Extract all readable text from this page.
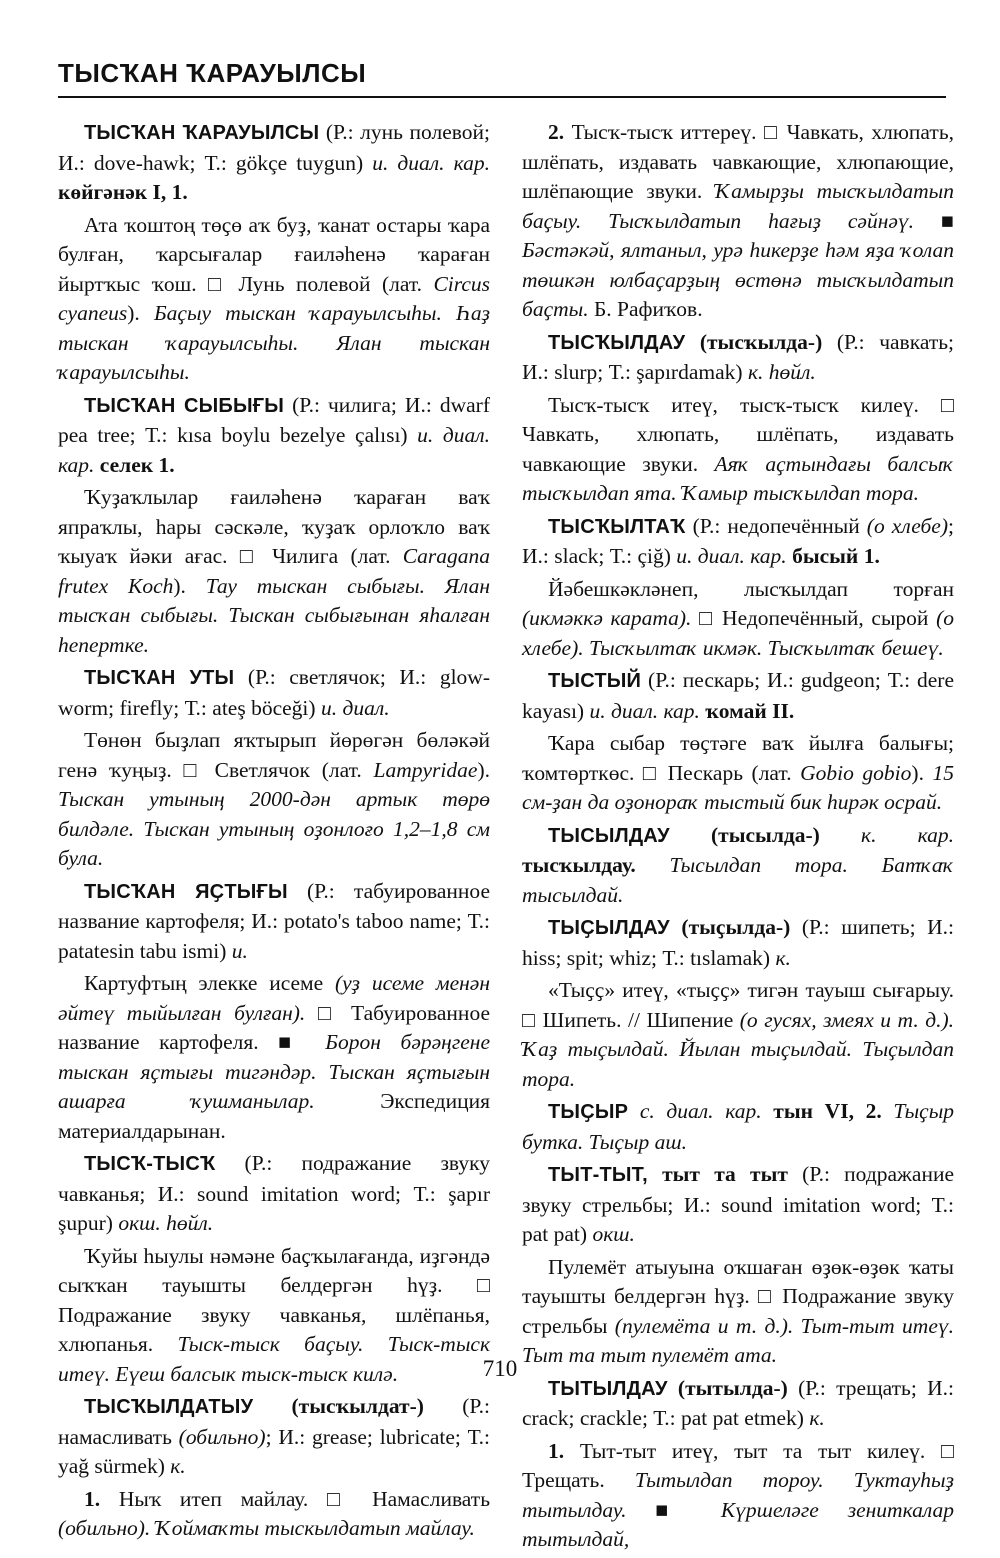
ТЫСҠАН ҠАРАУЫЛСЫ

ТЫСҠАН ҠАРАУЫЛСЫ (Р.: лунь полевой; И.: dove-hawk; Т.: gökçe tuygun) и. диал. кар. көйгәнәк I, 1.

Ата ҡоштоң төҫө аҡ буҙ, ҡанат остары ҡара булған, ҡарсығалар ғаиләһенә ҡараған йыртҡыс ҡош. □ Лунь полевой (лат. Circus cyaneus). Баҫыу тыскан ҡарауылсыһы. Һаҙ тыскан ҡарауылсыһы. Ялан тыскан ҡарауылсыһы.

ТЫСҠАН СЫБЫҒЫ (Р.: чилига; И.: dwarf pea tree; Т.: kısa boylu bezelye çalısı) и. диал. кар. селек 1.

Ҡуҙаҡлылар ғаиләһенә ҡараған ваҡ япраҡлы, һары сәскәле, ҡуҙаҡ орлоҡло ваҡ ҡыуаҡ йәки ағас. □ Чилига (лат. Caragana frutex Koch). Тау тыскан сыбығы. Ялан тысҡан сыбығы. Тыскан сыбығынан яһалған һепертке.

ТЫСҠАН УТЫ (Р.: светлячок; И.: glow-worm; firefly; Т.: ateş böceği) и. диал.

Төнөн быҙлап яҡтырып йөрөгән бөләкәй генә ҡуңыҙ. □ Светлячок (лат. Lampyridae). Тыскан утының 2000-дән артык төрө билдәле. Тыскан утының оҙонлоғо 1,2–1,8 см була.

ТЫСҠАН ЯҪТЫҒЫ (Р.: табуированное название картофеля; И.: potato's taboo name; Т.: patatesin tabu ismi) и.

Картуфтың элекке исеме (уҙ исеме менән әйтеү тыйылған булған). □ Табуированное название картофеля. ■ Борон бәрәңгене тыскан яҫтығы тигәндәр. Тыскан яҫтығын ашарға ҡушманылар. Экспедиция материалдарынан.

ТЫСҠ-ТЫСҠ (Р.: подражание звуку чавканья; И.: sound imitation word; Т.: şapır şupur) окш. һөйл.

Ҡуйы һыулы нәмәне баҫҡылағанда, иҙгәндә сыҡҡан тауышты белдергән һүҙ. □ Подражание звуку чавканья, шлёпанья, хлюпанья. Тыск-тыск баҫыу. Тыск-тыск итеү. Еүеш балсык тыск-тыск килә.

ТЫСҠЫЛДАТЫУ (тысҡылдат-) (Р.: намасливать (обильно); И.: grease; lubricate; Т.: yağ sürmek) к.

1. Ныҡ итеп майлау. □ Намасливать (обильно). Ҡоймаҡты тыскылдатып майлау.

2. Тысҡ-тысҡ иттереү. □ Чавкать, хлюпать, шлёпать, издавать чавкающие, хлюпающие, шлёпающие звуки. Ҡамырҙы тысҡылдатып баҫыу. Тысҡылдатып һағыҙ сәйнәү. ■ Бәстәкәй, ялтаныл, урә һикерҙе һәм яҙа ҡолап төшкән юлбаҫарҙың өстөнә тысҡылдатып баҫты. Б. Рафиҡов.

ТЫСҠЫЛДАУ (тысҡылда-) (Р.: чавкать; И.: slurp; Т.: şapırdamak) к. һөйл.

Тысҡ-тысҡ итеү, тысҡ-тысҡ килеү. □ Чавкать, хлюпать, шлёпать, издавать чавкающие звуки. Аяҡ аҫтындағы балсыҡ тысҡылдап ята. Ҡамыр тысҡылдап тора.

ТЫСҠЫЛТАҠ (Р.: недопечённый (о хлебе); И.: slack; Т.: çiğ) и. диал. кар. бысый 1.

Йәбешкәкләнеп, лысҡылдап торған (икмәккә карата). □ Недопечённый, сырой (о хлебе). Тысҡылтаҡ икмәк. Тысҡылтаҡ бешеү.

ТЫСТЫЙ (Р.: пескарь; И.: gudgeon; Т.: dere kayası) и. диал. кар. ҡомай II.

Ҡара сыбар төҫтәге ваҡ йылға балығы; ҡомтөрткөс. □ Пескарь (лат. Gobio gobio). 15 см-ҙан да оҙонораҡ тыстый бик һирәк осрай.

ТЫСЫЛДАУ (тысылда-) к. кар. тысҡылдау. Тысылдап тора. Батҡаҡ тысылдай.

ТЫҪЫЛДАУ (тыҫылда-) (Р.: шипеть; И.: hiss; spit; whiz; Т.: tıslamak) к.

«Тыҫҫ» итеү, «тыҫҫ» тигән тауыш сығарыу. □ Шипеть. // Шипение (о гусях, змеях и т. д.). Ҡаҙ тыҫылдай. Йылан тыҫылдай. Тыҫылдап тора.

ТЫҪЫР с. диал. кар. тын VI, 2. Тыҫыр бутка. Тыҫыр аш.

ТЫТ-ТЫТ, тыт та тыт (Р.: подражание звуку стрельбы; И.: sound imitation word; Т.: pat pat) окш.

Пулемёт атыуына оҡшаған өҙөк-өҙөк ҡаты тауышты белдергән һүҙ. □ Подражание звуку стрельбы (пулемёта и т. д.). Тыт-тыт итеү. Тыт та тыт пулемёт ата.

ТЫТЫЛДАУ (тытылда-) (Р.: трещать; И.: crack; crackle; Т.: pat pat etmek) к.

1. Тыт-тыт итеү, тыт та тыт килеү. □ Трещать. Тытылдап тороу. Туктауһыҙ тытылдау. ■ Күршеләге зениткалар тытылдай,

710
